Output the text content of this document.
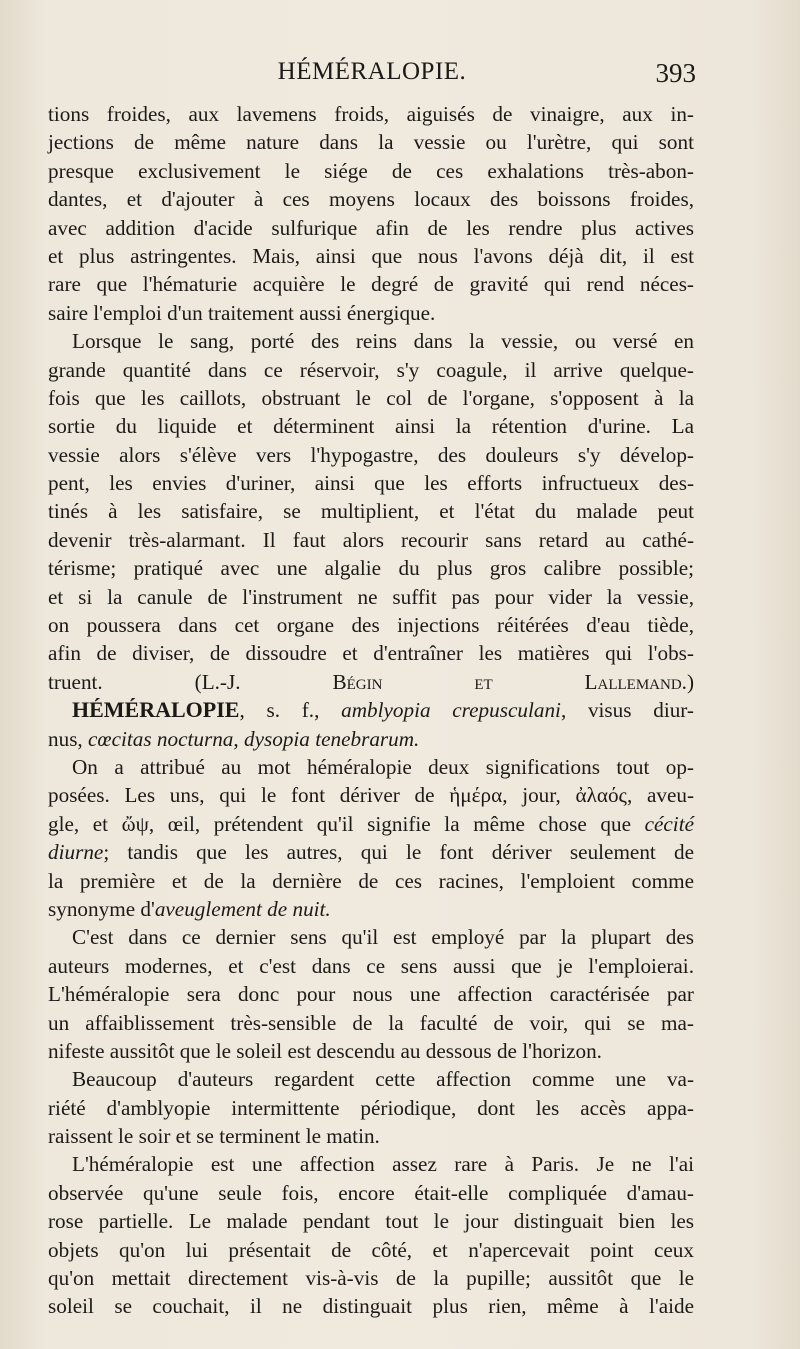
HÉMÉRALOPIE.	393
tions froides, aux lavemens froids, aiguisés de vinaigre, aux in-
jections de même nature dans la vessie ou l'urètre, qui sont
presque exclusivement le siége de ces exhalations très-abon-
dantes, et d'ajouter à ces moyens locaux des boissons froides,
avec addition d'acide sulfurique afin de les rendre plus actives
et plus astringentes. Mais, ainsi que nous l'avons déjà dit, il est
rare que l'hématurie acquière le degré de gravité qui rend néces-
saire l'emploi d'un traitement aussi énergique.
Lorsque le sang, porté des reins dans la vessie, ou versé en
grande quantité dans ce réservoir, s'y coagule, il arrive quelque-
fois que les caillots, obstruant le col de l'organe, s'opposent à la
sortie du liquide et déterminent ainsi la rétention d'urine. La
vessie alors s'élève vers l'hypogastre, des douleurs s'y dévelop-
pent, les envies d'uriner, ainsi que les efforts infructueux des-
tinés à les satisfaire, se multiplient, et l'état du malade peut
devenir très-alarmant. Il faut alors recourir sans retard au cathé-
térisme; pratiqué avec une algalie du plus gros calibre possible;
et si la canule de l'instrument ne suffit pas pour vider la vessie,
on poussera dans cet organe des injections réitérées d'eau tiède,
afin de diviser, de dissoudre et d'entraîner les matières qui l'obs-
truent.	(L.-J. Bégin et Lallemand.)
HÉMÉRALOPIE, s. f., amblyopia crepusculani, visus diur-
nus, cœcitas nocturna, dysopia tenebrarum.
On a attribué au mot héméralopie deux significations tout op-
posées. Les uns, qui le font dériver de ἡμέρα, jour, ἀλαός, aveu-
gle, et ὤψ, œil, prétendent qu'il signifie la même chose que cécité
diurne; tandis que les autres, qui le font dériver seulement de
la première et de la dernière de ces racines, l'emploient comme
synonyme d'aveuglement de nuit.
C'est dans ce dernier sens qu'il est employé par la plupart des
auteurs modernes, et c'est dans ce sens aussi que je l'emploierai.
L'héméralopie sera donc pour nous une affection caractérisée par
un affaiblissement très-sensible de la faculté de voir, qui se ma-
nifeste aussitôt que le soleil est descendu au dessous de l'horizon.
Beaucoup d'auteurs regardent cette affection comme une va-
riété d'amblyopie intermittente périodique, dont les accès appa-
raissent le soir et se terminent le matin.
L'héméralopie est une affection assez rare à Paris. Je ne l'ai
observée qu'une seule fois, encore était-elle compliquée d'amau-
rose partielle. Le malade pendant tout le jour distinguait bien les
objets qu'on lui présentait de côté, et n'apercevait point ceux
qu'on mettait directement vis-à-vis de la pupille; aussitôt que le
soleil se couchait, il ne distinguait plus rien, même à l'aide
